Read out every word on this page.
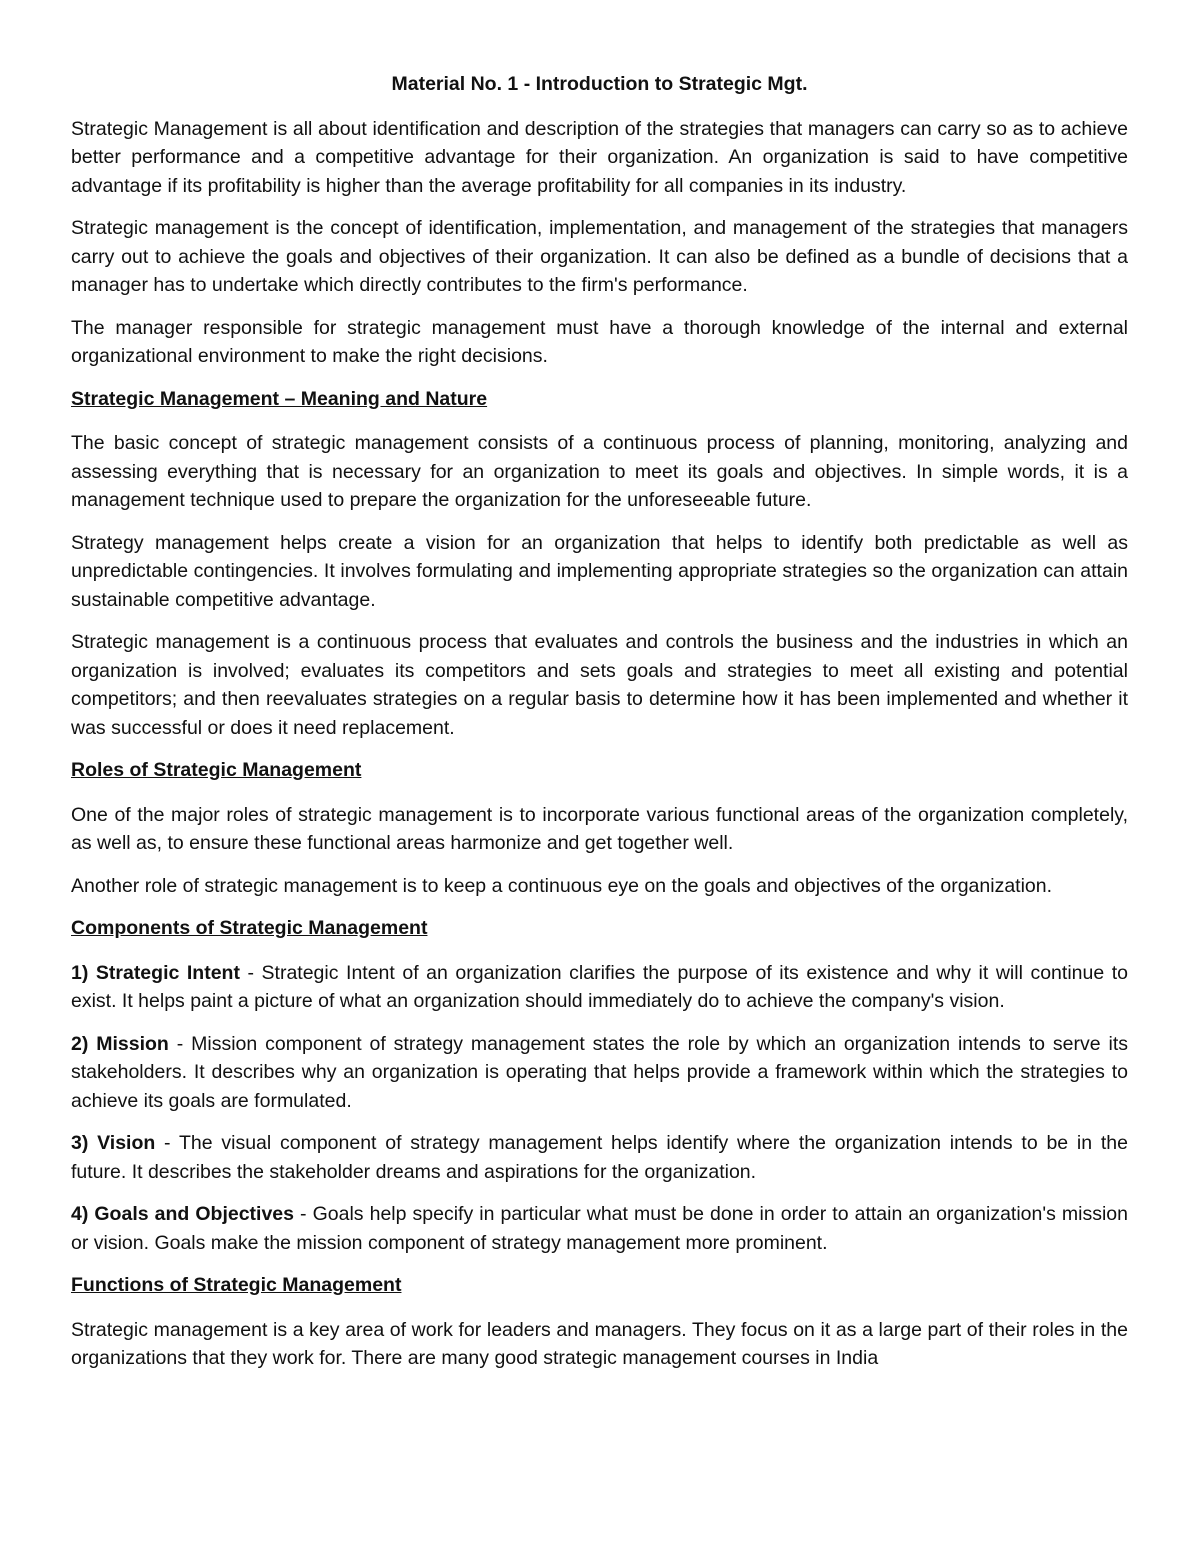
Material No. 1 - Introduction to Strategic Mgt.

Strategic Management is all about identification and description of the strategies that managers can carry so as to achieve better performance and a competitive advantage for their organization. An organization is said to have competitive advantage if its profitability is higher than the average profitability for all companies in its industry.

Strategic management is the concept of identification, implementation, and management of the strategies that managers carry out to achieve the goals and objectives of their organization. It can also be defined as a bundle of decisions that a manager has to undertake which directly contributes to the firm's performance.

The manager responsible for strategic management must have a thorough knowledge of the internal and external organizational environment to make the right decisions.

Strategic Management – Meaning and Nature

The basic concept of strategic management consists of a continuous process of planning, monitoring, analyzing and assessing everything that is necessary for an organization to meet its goals and objectives. In simple words, it is a management technique used to prepare the organization for the unforeseeable future.

Strategy management helps create a vision for an organization that helps to identify both predictable as well as unpredictable contingencies. It involves formulating and implementing appropriate strategies so the organization can attain sustainable competitive advantage.

Strategic management is a continuous process that evaluates and controls the business and the industries in which an organization is involved; evaluates its competitors and sets goals and strategies to meet all existing and potential competitors; and then reevaluates strategies on a regular basis to determine how it has been implemented and whether it was successful or does it need replacement.

Roles of Strategic Management

One of the major roles of strategic management is to incorporate various functional areas of the organization completely, as well as, to ensure these functional areas harmonize and get together well.

Another role of strategic management is to keep a continuous eye on the goals and objectives of the organization.

Components of Strategic Management

1) Strategic Intent - Strategic Intent of an organization clarifies the purpose of its existence and why it will continue to exist. It helps paint a picture of what an organization should immediately do to achieve the company's vision.

2) Mission - Mission component of strategy management states the role by which an organization intends to serve its stakeholders. It describes why an organization is operating that helps provide a framework within which the strategies to achieve its goals are formulated.

3) Vision - The visual component of strategy management helps identify where the organization intends to be in the future. It describes the stakeholder dreams and aspirations for the organization.

4) Goals and Objectives - Goals help specify in particular what must be done in order to attain an organization's mission or vision. Goals make the mission component of strategy management more prominent.

Functions of Strategic Management

Strategic management is a key area of work for leaders and managers. They focus on it as a large part of their roles in the organizations that they work for. There are many good strategic management courses in India
